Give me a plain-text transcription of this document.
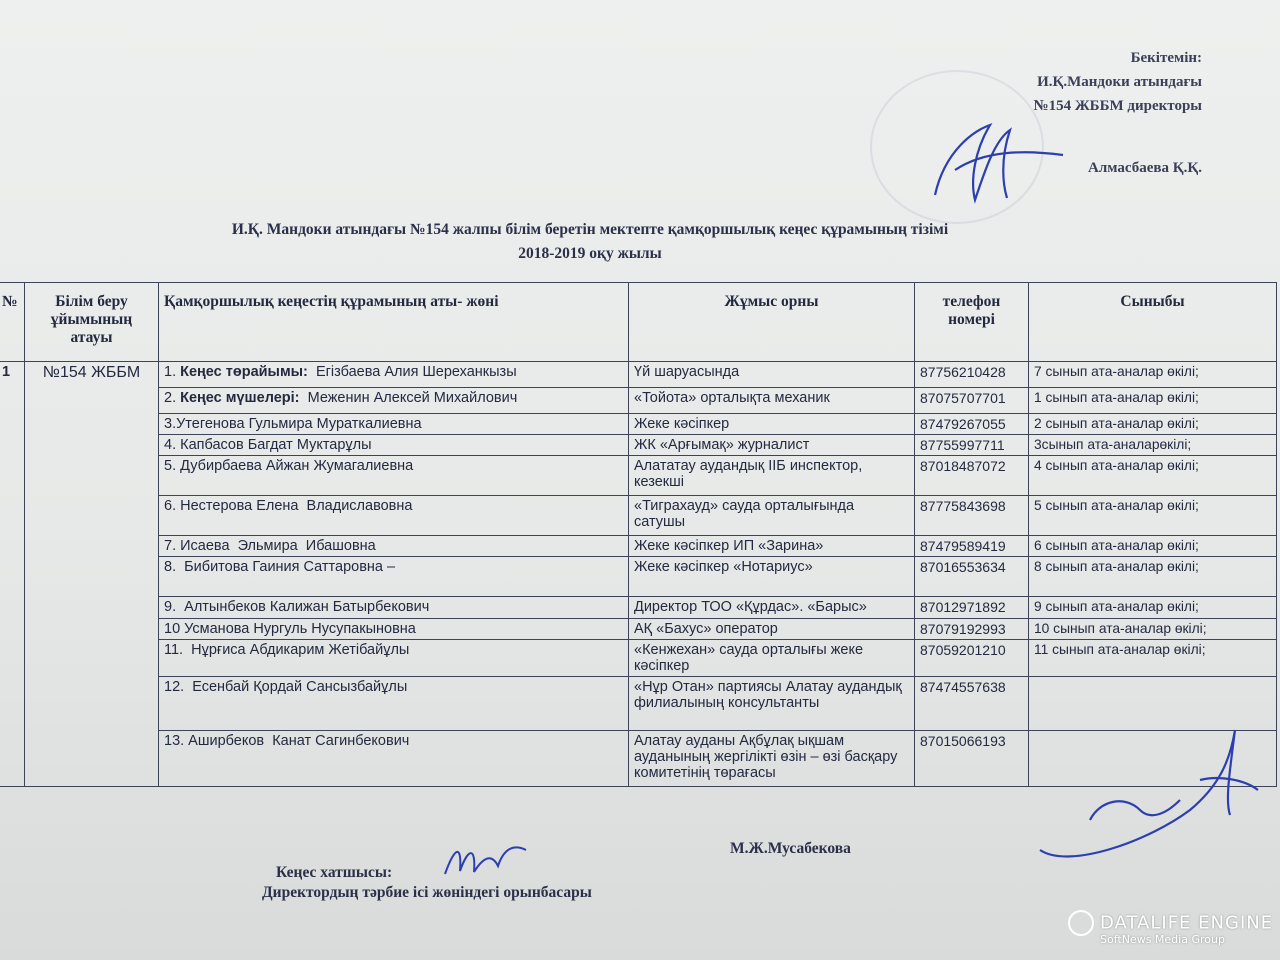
Бекітемін:
И.Қ.Мандоки атындағы
№154 ЖББМ директоры
Алмасбаева Қ.Қ.
И.Қ. Мандоки атындағы №154 жалпы білім беретін мектепте қамқоршылық кеңес құрамының тізімі
2018-2019 оқу жылы
№	Білім беру ұйымының атауы	Қамқоршылық кеңестің құрамының аты- жөні	Жұмыс орны	телефон номері	Сыныбы
1	№154 ЖББМ	1. Кеңес төрайымы:  Егізбаева Алия Шереханкызы	Үй шаруасында	87756210428	7 сынып ата-аналар өкілі;
		2. Кеңес мүшелері:  Меженин Алексей Михайлович	«Тойота» орталықта механик	87075707701	1 сынып ата-аналар өкілі;
		3.Утегенова Гульмира Мураткалиевна	Жеке кәсіпкер	87479267055	2 сынып ата-аналар өкілі;
		4. Капбасов Багдат Муктарұлы	ЖК «Арғымақ» журналист	87755997711	3сынып ата-аналарөкілі;
		5. Дубирбаева Айжан Жумагалиевна	Алататау аудандық ІІБ инспектор, кезекші	87018487072	4 сынып ата-аналар өкілі;
		6. Нестерова Елена  Владиславовна	«Тиграхауд» сауда орталығында сатушы	87775843698	5 сынып ата-аналар өкілі;
		7. Исаева  Эльмира  Ибашовна	Жеке кәсіпкер ИП «Зарина»	87479589419	6 сынып ата-аналар өкілі;
		8.  Бибитова Гаиния Саттаровна –	Жеке кәсіпкер «Нотариус»	87016553634	8 сынып ата-аналар өкілі;
		9.  Алтынбеков Калижан Батырбекович	Директор ТОО «Құрдас». «Барыс»	87012971892	9 сынып ата-аналар өкілі;
		10 Усманова Нургуль Нусупакыновна	АҚ «Бахус» оператор	87079192993	10 сынып ата-аналар өкілі;
		11.  Нұрғиса Абдикарим Жетібайұлы	«Кенжехан» сауда орталығы жеке кәсіпкер	87059201210	11 сынып ата-аналар өкілі;
		12.  Есенбай Қордай Сансызбайұлы	«Нұр Отан» партиясы Алатау аудандық филиалының консультанты	87474557638	
		13. Аширбеков  Канат Сагинбекович	Алатау ауданы Ақбұлақ ықшам ауданының жергілікті өзін – өзі басқару комитетінің төрағасы	87015066193	
Кеңес хатшысы:
М.Ж.Мусабекова
Директордың тәрбие ісі жөніндегі орынбасары
DATALIFE ENGINE
SoftNews Media Group
